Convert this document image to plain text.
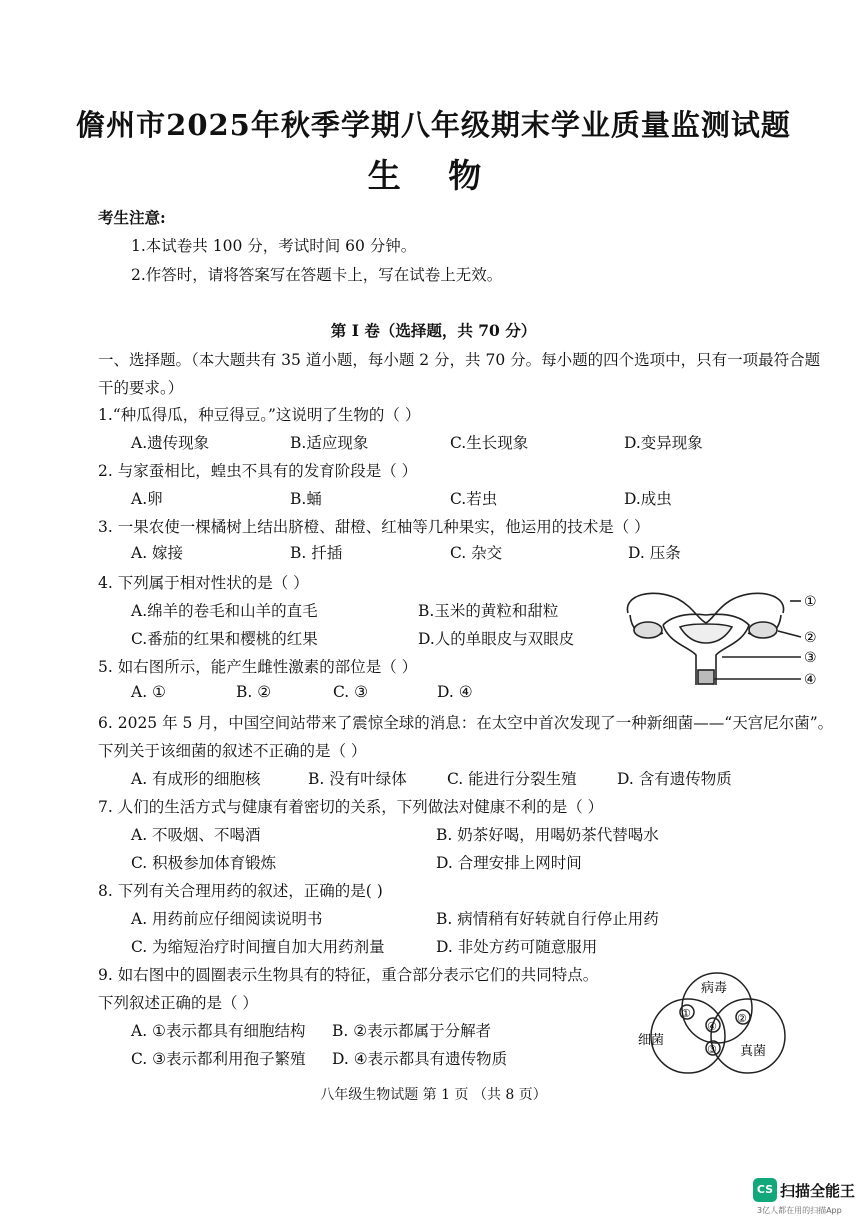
儋州市2025年秋季学期八年级期末学业质量监测试题
生 物
考生注意:
1.本试卷共 100 分，考试时间 60 分钟。
2.作答时，请将答案写在答题卡上，写在试卷上无效。
第 I 卷（选择题，共 70 分）
一、选择题。（本大题共有 35 道小题，每小题 2 分，共 70 分。每小题的四个选项中，只有一项最符合题
干的要求。）
1.“种瓜得瓜，种豆得豆。”这说明了生物的（ ）
A.遗传现象	B.适应现象	C.生长现象	D.变异现象
2. 与家蚕相比，蝗虫不具有的发育阶段是（ ）
A.卵	B.蛹	C.若虫	D.成虫
3. 一果农使一棵橘树上结出脐橙、甜橙、红柚等几种果实，他运用的技术是（ ）
A. 嫁接	B. 扦插	C. 杂交	D. 压条
4. 下列属于相对性状的是（ ）
A.绵羊的卷毛和山羊的直毛	B.玉米的黄粒和甜粒
C.番茄的红果和樱桃的红果	D.人的单眼皮与双眼皮
5. 如右图所示，能产生雌性激素的部位是（ ）
A. ①	B. ②	C. ③	D. ④
①
②
③
④
6. 2025 年 5 月，中国空间站带来了震惊全球的消息：在太空中首次发现了一种新细菌——“天宫尼尔菌”。
下列关于该细菌的叙述不正确的是（ ）
A. 有成形的细胞核	B. 没有叶绿体	C. 能进行分裂生殖	D. 含有遗传物质
7. 人们的生活方式与健康有着密切的关系，下列做法对健康不利的是（ ）
A. 不吸烟、不喝酒	B. 奶茶好喝，用喝奶茶代替喝水
C. 积极参加体育锻炼	D. 合理安排上网时间
8. 下列有关合理用药的叙述，正确的是( )
A. 用药前应仔细阅读说明书	B. 病情稍有好转就自行停止用药
C. 为缩短治疗时间擅自加大用药剂量	D. 非处方药可随意服用
9. 如右图中的圆圈表示生物具有的特征，重合部分表示它们的共同特点。
下列叙述正确的是（ ）
A. ①表示都具有细胞结构 B. ②表示都属于分解者
C. ③表示都利用孢子繁殖 D. ④表示都具有遗传物质
病毒
细菌
真菌
①	②
③
④
八年级生物试题 第 1 页 （共 8 页）
CS 扫描全能王
3亿人都在用的扫描App
